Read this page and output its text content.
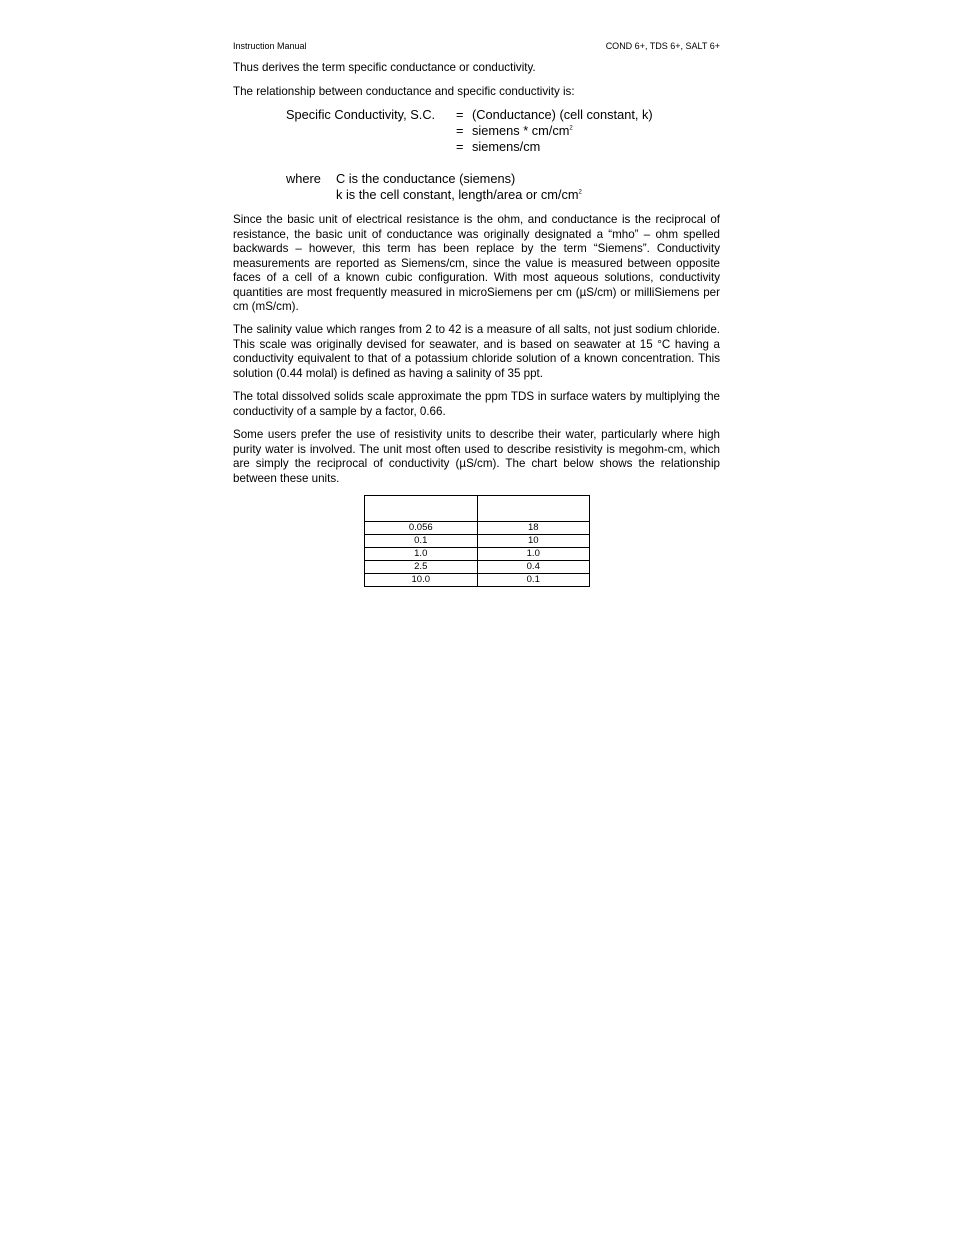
Instruction Manual	COND 6+, TDS 6+, SALT 6+

Thus derives the term specific conductance or conductivity.

The relationship between conductance and specific conductivity is:

Specific Conductivity, S.C. = (Conductance) (cell constant, k)
= siemens * $cm/cm^2$
= siemens/cm
where C is the conductance (siemens)
k is the cell constant, length/area or $cm/cm^2$

Since the basic unit of electrical resistance is the ohm, and conductance is the reciprocal of resistance, the basic unit of conductance was originally designated a “mho” – ohm spelled backwards – however, this term has been replace by the term “Siemens”. Conductivity measurements are reported as Siemens/cm, since the value is measured between opposite faces of a cell of a known cubic configuration. With most aqueous solutions, conductivity quantities are most frequently measured in microSiemens per cm (µS/cm) or milliSiemens per cm (mS/cm).

The salinity value which ranges from 2 to 42 is a measure of all salts, not just sodium chloride. This scale was originally devised for seawater, and is based on seawater at 15 °C having a conductivity equivalent to that of a potassium chloride solution of a known concentration. This solution (0.44 molal) is defined as having a salinity of 35 ppt.

The total dissolved solids scale approximate the ppm TDS in surface waters by multiplying the conductivity of a sample by a factor, 0.66.

Some users prefer the use of resistivity units to describe their water, particularly where high purity water is involved. The unit most often used to describe resistivity is megohm-cm, which are simply the reciprocal of conductivity (µS/cm). The chart below shows the relationship between these units.

0.056	18
0.1	10
1.0	1.0
2.5	0.4
10.0	0.1
